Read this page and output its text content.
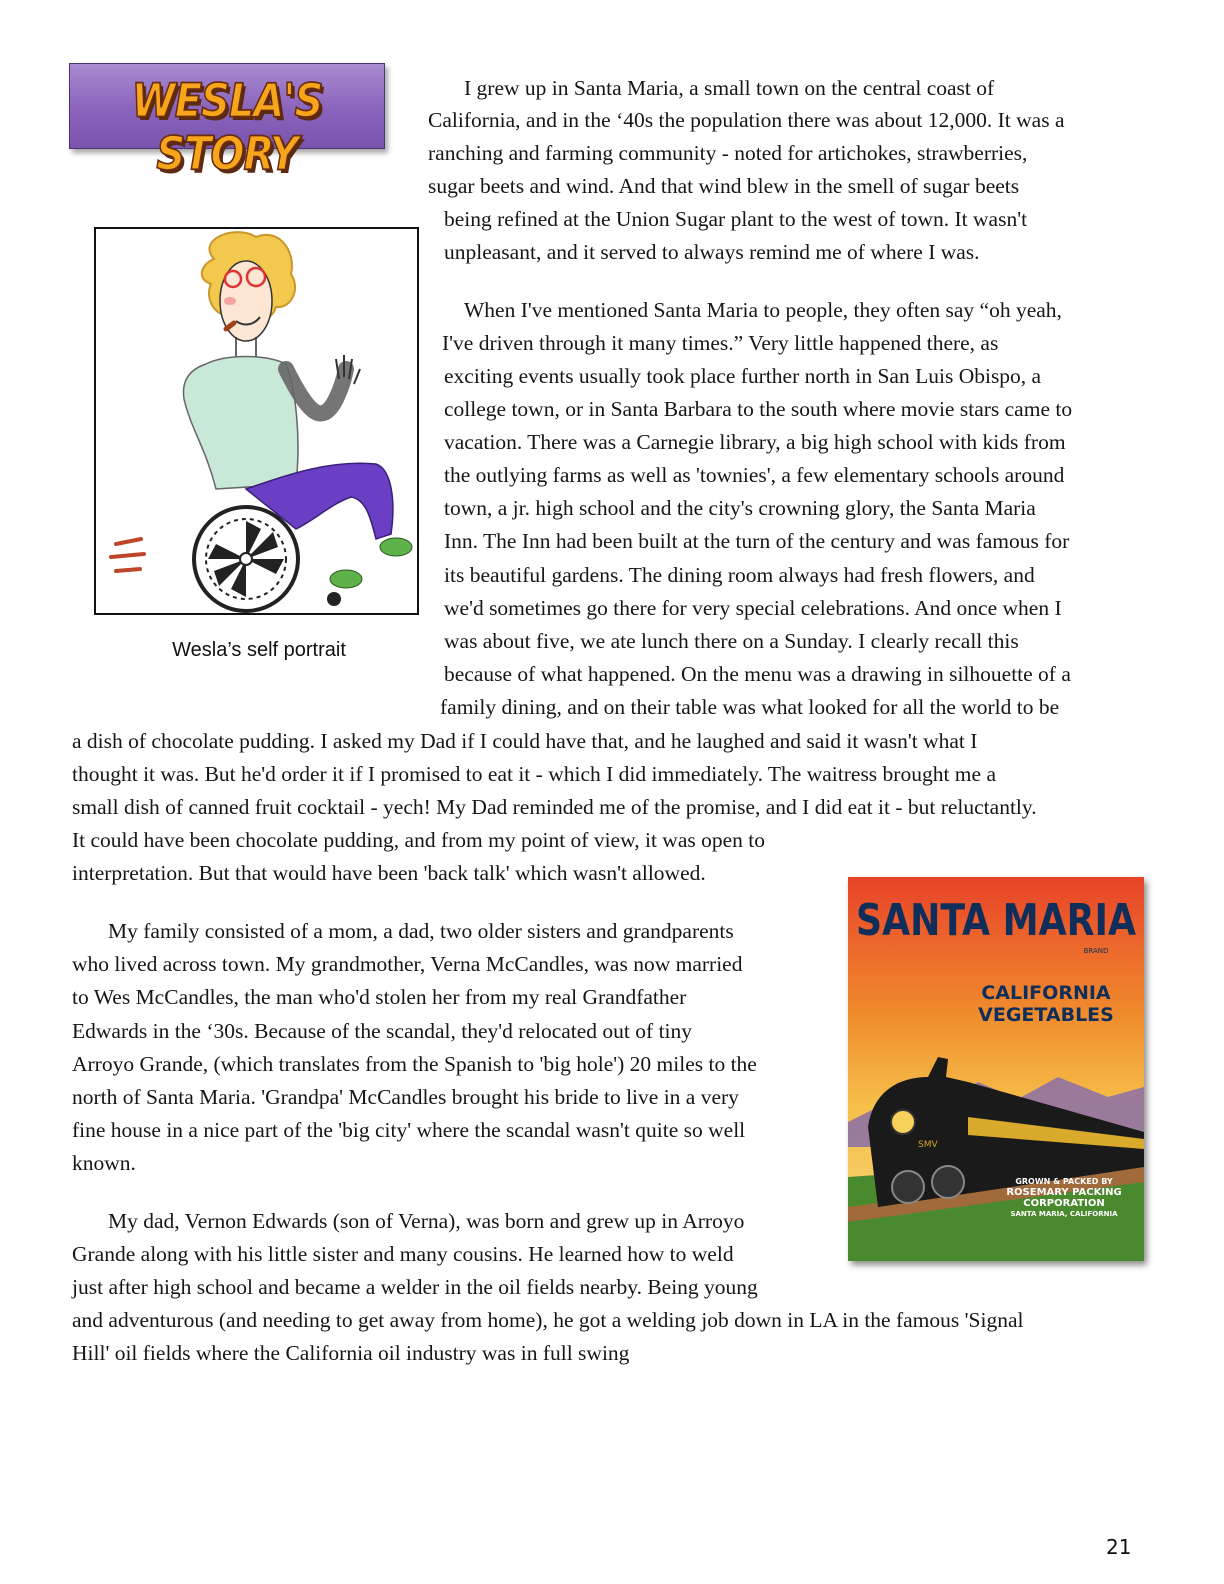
WESLA'S STORY
Wesla’s self portrait
SMV
SANTA MARIA
BRAND
CALIFORNIA
VEGETABLES
GROWN & PACKED BY
ROSEMARY PACKING
CORPORATION
SANTA MARIA, CALIFORNIA
I grew up in Santa Maria, a small town on the central coast of
California, and in the ‘40s the population there was about 12,000. It was a
ranching and farming community - noted for artichokes, strawberries,
sugar beets and wind. And that wind blew in the smell of sugar beets
being refined at the Union Sugar plant to the west of town. It wasn't
unpleasant, and it served to always remind me of where I was.
When I've mentioned Santa Maria to people, they often say “oh yeah,
I've driven through it many times.” Very little happened there, as
exciting events usually took place further north in San Luis Obispo, a
college town, or in Santa Barbara to the south where movie stars came to
vacation. There was a Carnegie library, a big high school with kids from
the outlying farms as well as 'townies', a few elementary schools around
town, a jr. high school and the city's crowning glory, the Santa Maria
Inn. The Inn had been built at the turn of the century and was famous for
its beautiful gardens. The dining room always had fresh flowers, and
we'd sometimes go there for very special celebrations. And once when I
was about five, we ate lunch there on a Sunday. I clearly recall this
because of what happened. On the menu was a drawing in silhouette of a
family dining, and on their table was what looked for all the world to be
a dish of chocolate pudding. I asked my Dad if I could have that, and he laughed and said it wasn't what I
thought it was. But he'd order it if I promised to eat it - which I did immediately. The waitress brought me a
small dish of canned fruit cocktail - yech! My Dad reminded me of the promise, and I did eat it - but reluctantly.
It could have been chocolate pudding, and from my point of view, it was open to
interpretation. But that would have been 'back talk' which wasn't allowed.
My family consisted of a mom, a dad, two older sisters and grandparents
who lived across town. My grandmother, Verna McCandles, was now married
to Wes McCandles, the man who'd stolen her from my real Grandfather
Edwards in the ‘30s. Because of the scandal, they'd relocated out of tiny
Arroyo Grande, (which translates from the Spanish to 'big hole') 20 miles to the
north of Santa Maria. 'Grandpa' McCandles brought his bride to live in a very
fine house in a nice part of the 'big city' where the scandal wasn't quite so well
known.
My dad, Vernon Edwards (son of Verna), was born and grew up in Arroyo
Grande along with his little sister and many cousins. He learned how to weld
just after high school and became a welder in the oil fields nearby. Being young
and adventurous (and needing to get away from home), he got a welding job down in LA in the famous 'Signal
Hill' oil fields where the California oil industry was in full swing
21
